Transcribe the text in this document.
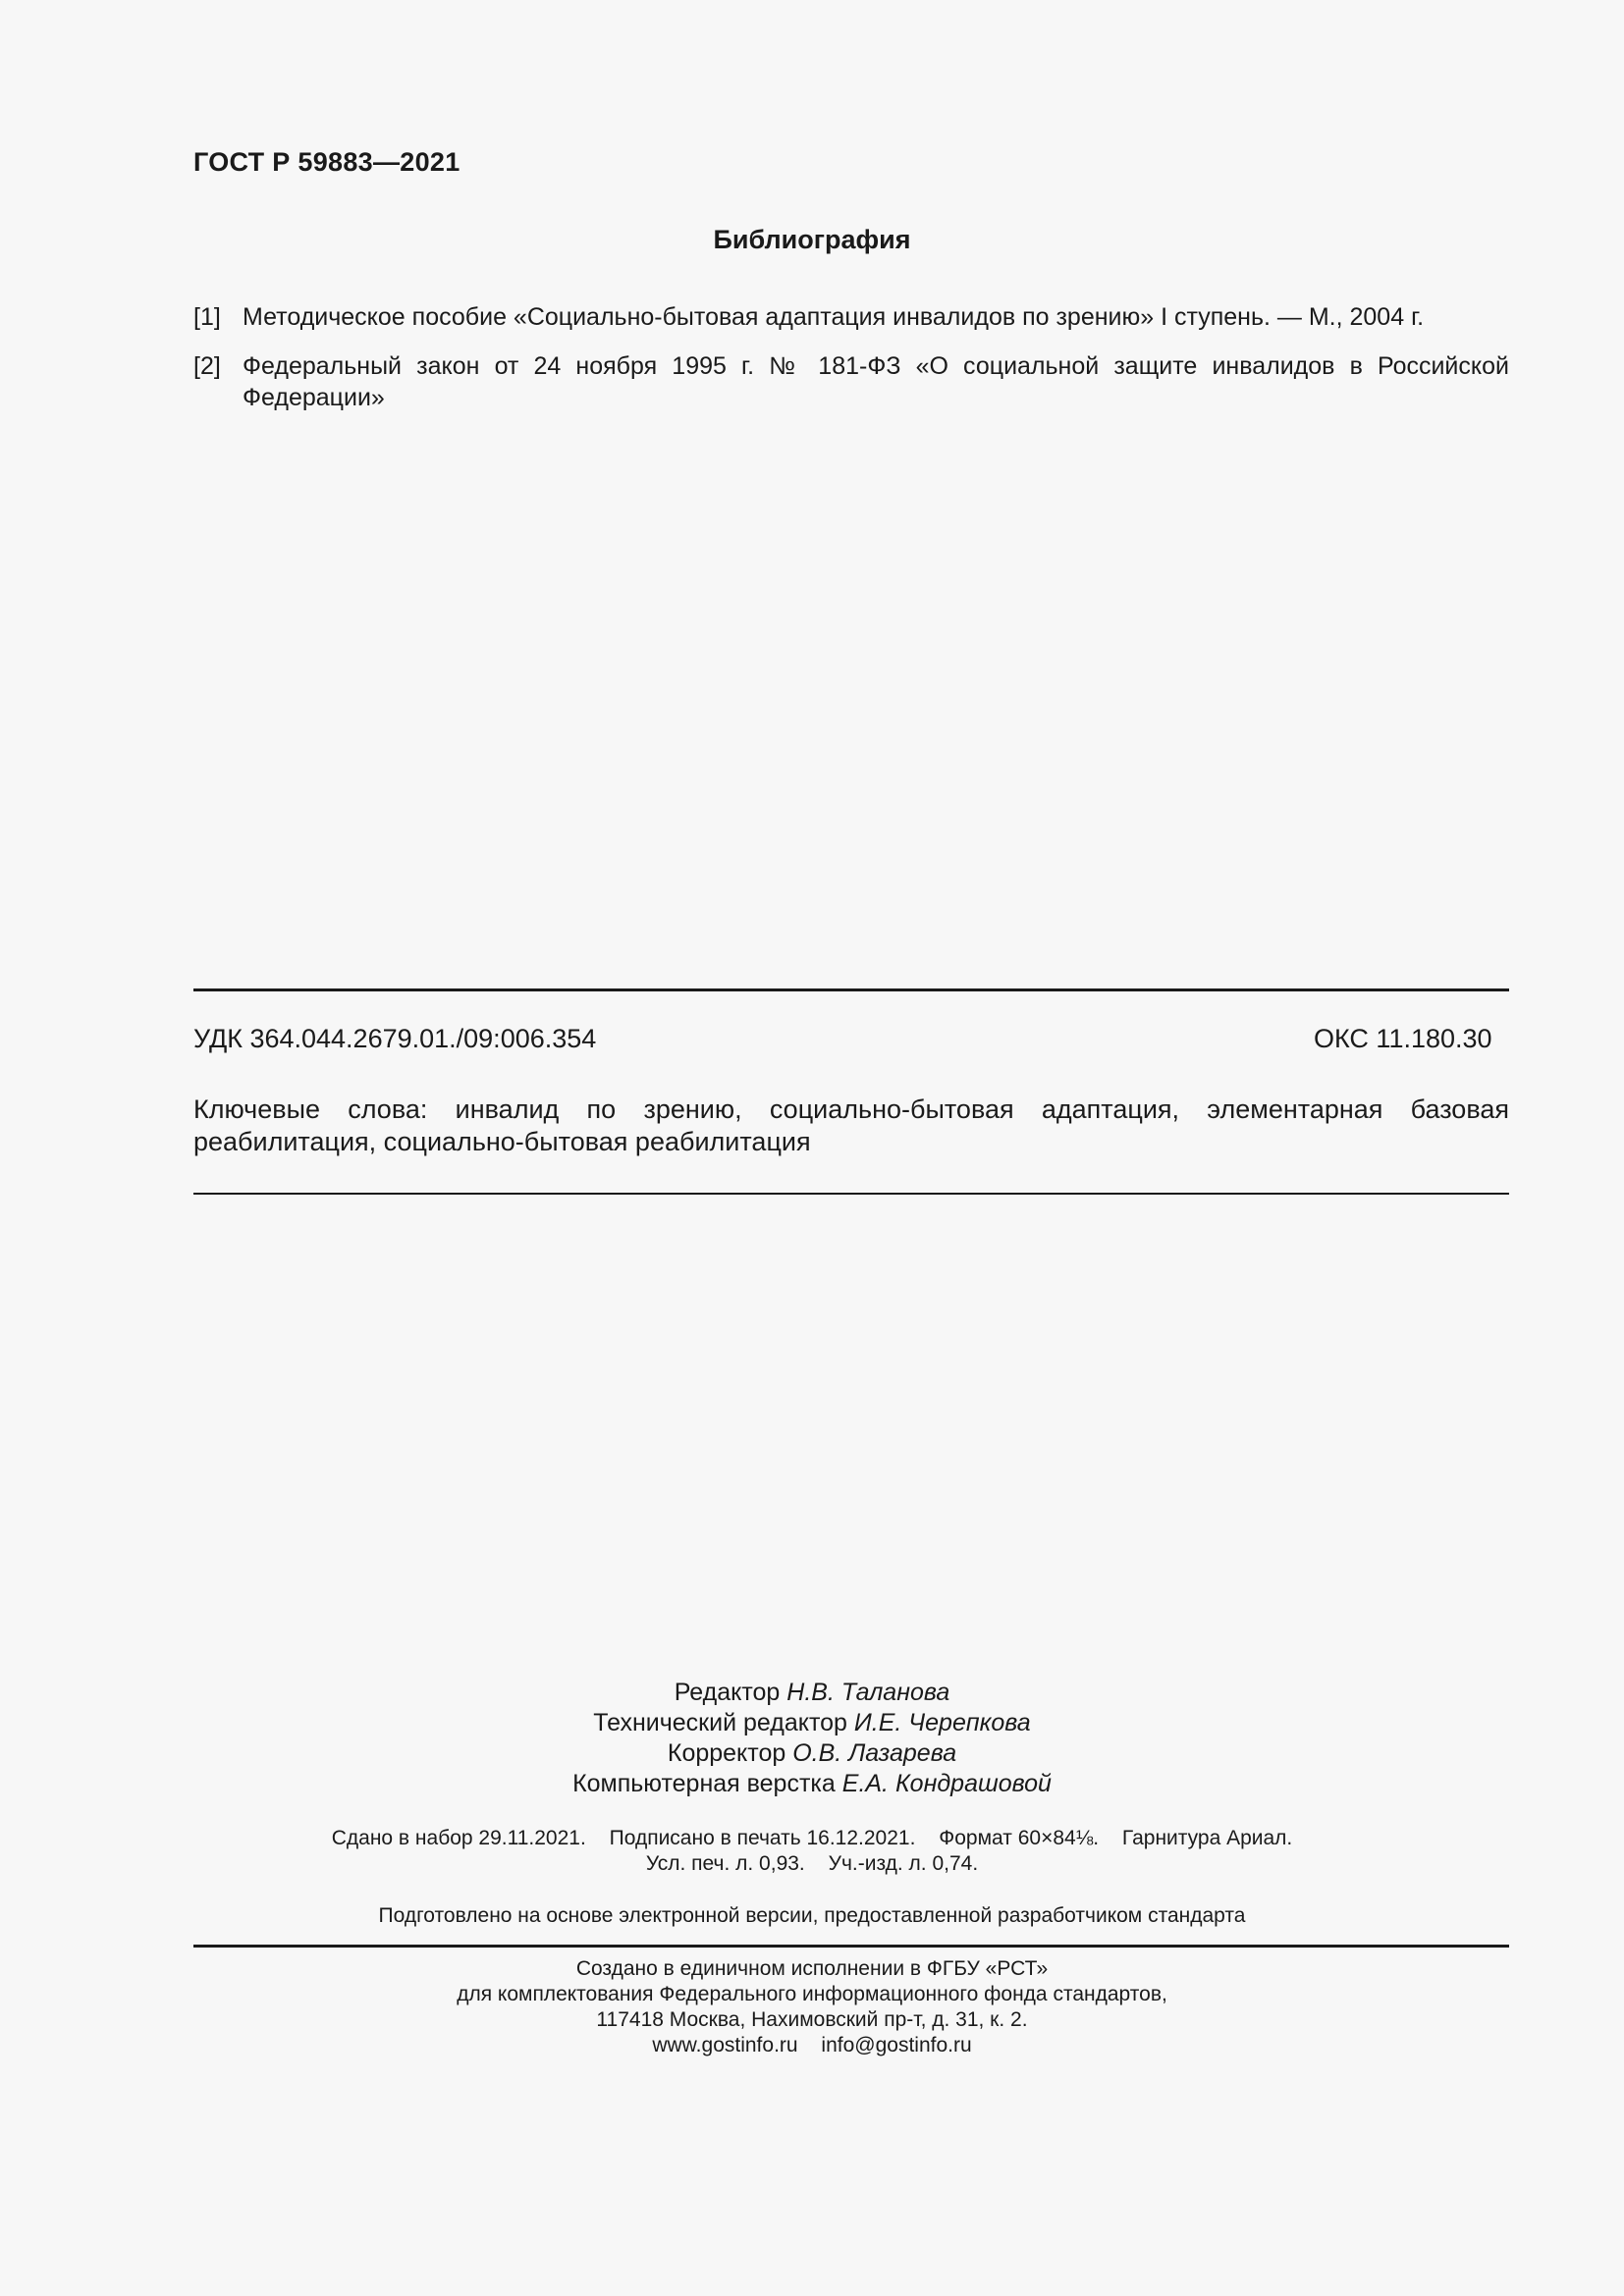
ГОСТ Р 59883—2021
Библиография
[1] Методическое пособие «Социально-бытовая адаптация инвалидов по зрению» I ступень. — М., 2004 г.
[2] Федеральный закон от 24 ноября 1995 г. № 181-ФЗ «О социальной защите инвалидов в Российской Федерации»
УДК 364.044.2679.01./09:006.354	ОКС 11.180.30
Ключевые слова: инвалид по зрению, социально-бытовая адаптация, элементарная базовая реабилитация, социально-бытовая реабилитация
Редактор Н.В. Таланова
Технический редактор И.Е. Черепкова
Корректор О.В. Лазарева
Компьютерная верстка Е.А. Кондрашовой
Сдано в набор 29.11.2021. Подписано в печать 16.12.2021. Формат 60×84⅛. Гарнитура Ариал.
Усл. печ. л. 0,93. Уч.-изд. л. 0,74.
Подготовлено на основе электронной версии, предоставленной разработчиком стандарта
Создано в единичном исполнении в ФГБУ «РСТ»
для комплектования Федерального информационного фонда стандартов,
117418 Москва, Нахимовский пр-т, д. 31, к. 2.
www.gostinfo.ru info@gostinfo.ru
